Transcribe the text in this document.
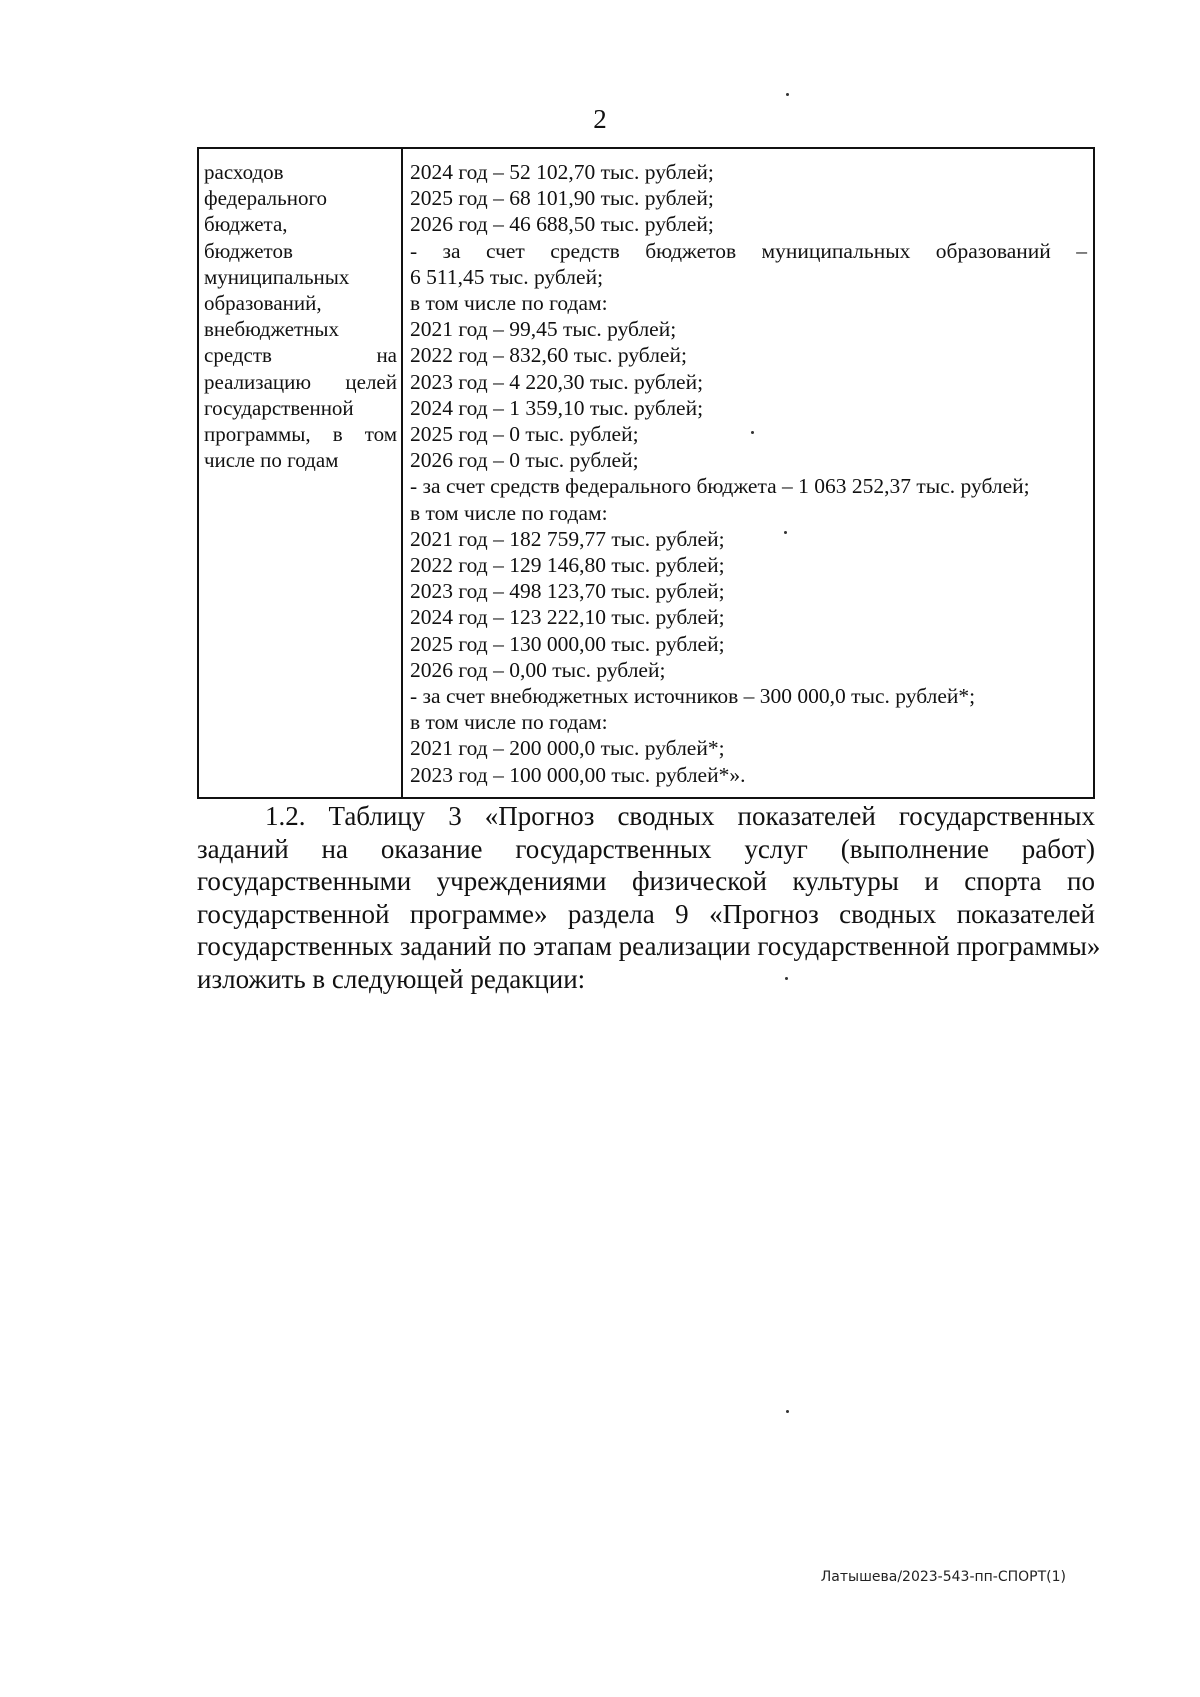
2
расходов
федерального
бюджета,
бюджетов
муниципальных
образований,
внебюджетных
средств	на
реализацию целей
государственной
программы, в том
числе по годам
2024 год – 52 102,70 тыс. рублей;
2025 год – 68 101,90 тыс. рублей;
2026 год – 46 688,50 тыс. рублей;
- за счет средств бюджетов муниципальных образований –
6 511,45 тыс. рублей;
в том числе по годам:
2021 год – 99,45 тыс. рублей;
2022 год – 832,60 тыс. рублей;
2023 год – 4 220,30 тыс. рублей;
2024 год – 1 359,10 тыс. рублей;
2025 год – 0 тыс. рублей;
2026 год – 0 тыс. рублей;
- за счет средств федерального бюджета – 1 063 252,37 тыс. рублей;
в том числе по годам:
2021 год – 182 759,77 тыс. рублей;
2022 год – 129 146,80 тыс. рублей;
2023 год – 498 123,70 тыс. рублей;
2024 год – 123 222,10 тыс. рублей;
2025 год – 130 000,00 тыс. рублей;
2026 год – 0,00 тыс. рублей;
- за счет внебюджетных источников – 300 000,0 тыс. рублей*;
в том числе по годам:
2021 год – 200 000,0 тыс. рублей*;
2023 год – 100 000,00 тыс. рублей*».
1.2. Таблицу 3 «Прогноз сводных показателей государственных
заданий на оказание государственных услуг (выполнение работ)
государственными учреждениями физической культуры и спорта по
государственной программе» раздела 9 «Прогноз сводных показателей
государственных заданий по этапам реализации государственной программы»
изложить в следующей редакции:
Латышева/2023-543-пп-СПОРТ(1)
